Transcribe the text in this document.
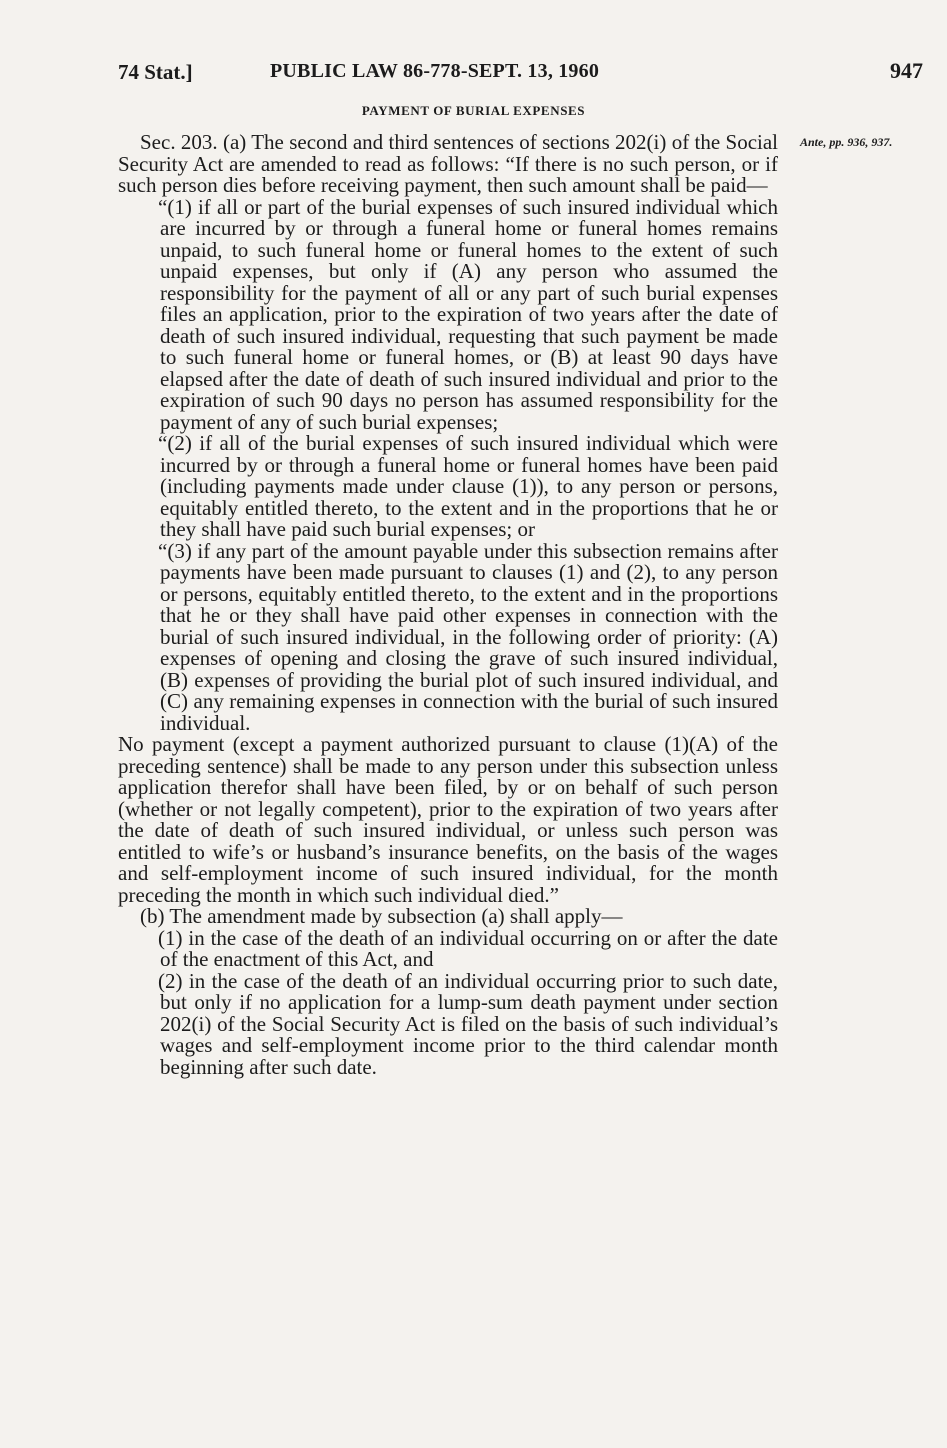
74 Stat.]	PUBLIC LAW 86-778-SEPT. 13, 1960	947
PAYMENT OF BURIAL EXPENSES
Ante, pp. 936, 937.

Sec. 203. (a) The second and third sentences of sections 202(i) of the Social Security Act are amended to read as follows: “If there is no such person, or if such person dies before receiving payment, then such amount shall be paid—

“(1) if all or part of the burial expenses of such insured individual which are incurred by or through a funeral home or funeral homes remains unpaid, to such funeral home or funeral homes to the extent of such unpaid expenses, but only if (A) any person who assumed the responsibility for the payment of all or any part of such burial expenses files an application, prior to the expiration of two years after the date of death of such insured individual, requesting that such payment be made to such funeral home or funeral homes, or (B) at least 90 days have elapsed after the date of death of such insured individual and prior to the expiration of such 90 days no person has assumed responsibility for the payment of any of such burial expenses;

“(2) if all of the burial expenses of such insured individual which were incurred by or through a funeral home or funeral homes have been paid (including payments made under clause (1)), to any person or persons, equitably entitled thereto, to the extent and in the proportions that he or they shall have paid such burial expenses; or

“(3) if any part of the amount payable under this subsection remains after payments have been made pursuant to clauses (1) and (2), to any person or persons, equitably entitled thereto, to the extent and in the proportions that he or they shall have paid other expenses in connection with the burial of such insured individual, in the following order of priority: (A) expenses of opening and closing the grave of such insured individual, (B) expenses of providing the burial plot of such insured individual, and (C) any remaining expenses in connection with the burial of such insured individual.

No payment (except a payment authorized pursuant to clause (1)(A) of the preceding sentence) shall be made to any person under this subsection unless application therefor shall have been filed, by or on behalf of such person (whether or not legally competent), prior to the expiration of two years after the date of death of such insured individual, or unless such person was entitled to wife’s or husband’s insurance benefits, on the basis of the wages and self-employment income of such insured individual, for the month preceding the month in which such individual died.”

(b) The amendment made by subsection (a) shall apply—

(1) in the case of the death of an individual occurring on or after the date of the enactment of this Act, and

(2) in the case of the death of an individual occurring prior to such date, but only if no application for a lump-sum death payment under section 202(i) of the Social Security Act is filed on the basis of such individual’s wages and self-employment income prior to the third calendar month beginning after such date.
